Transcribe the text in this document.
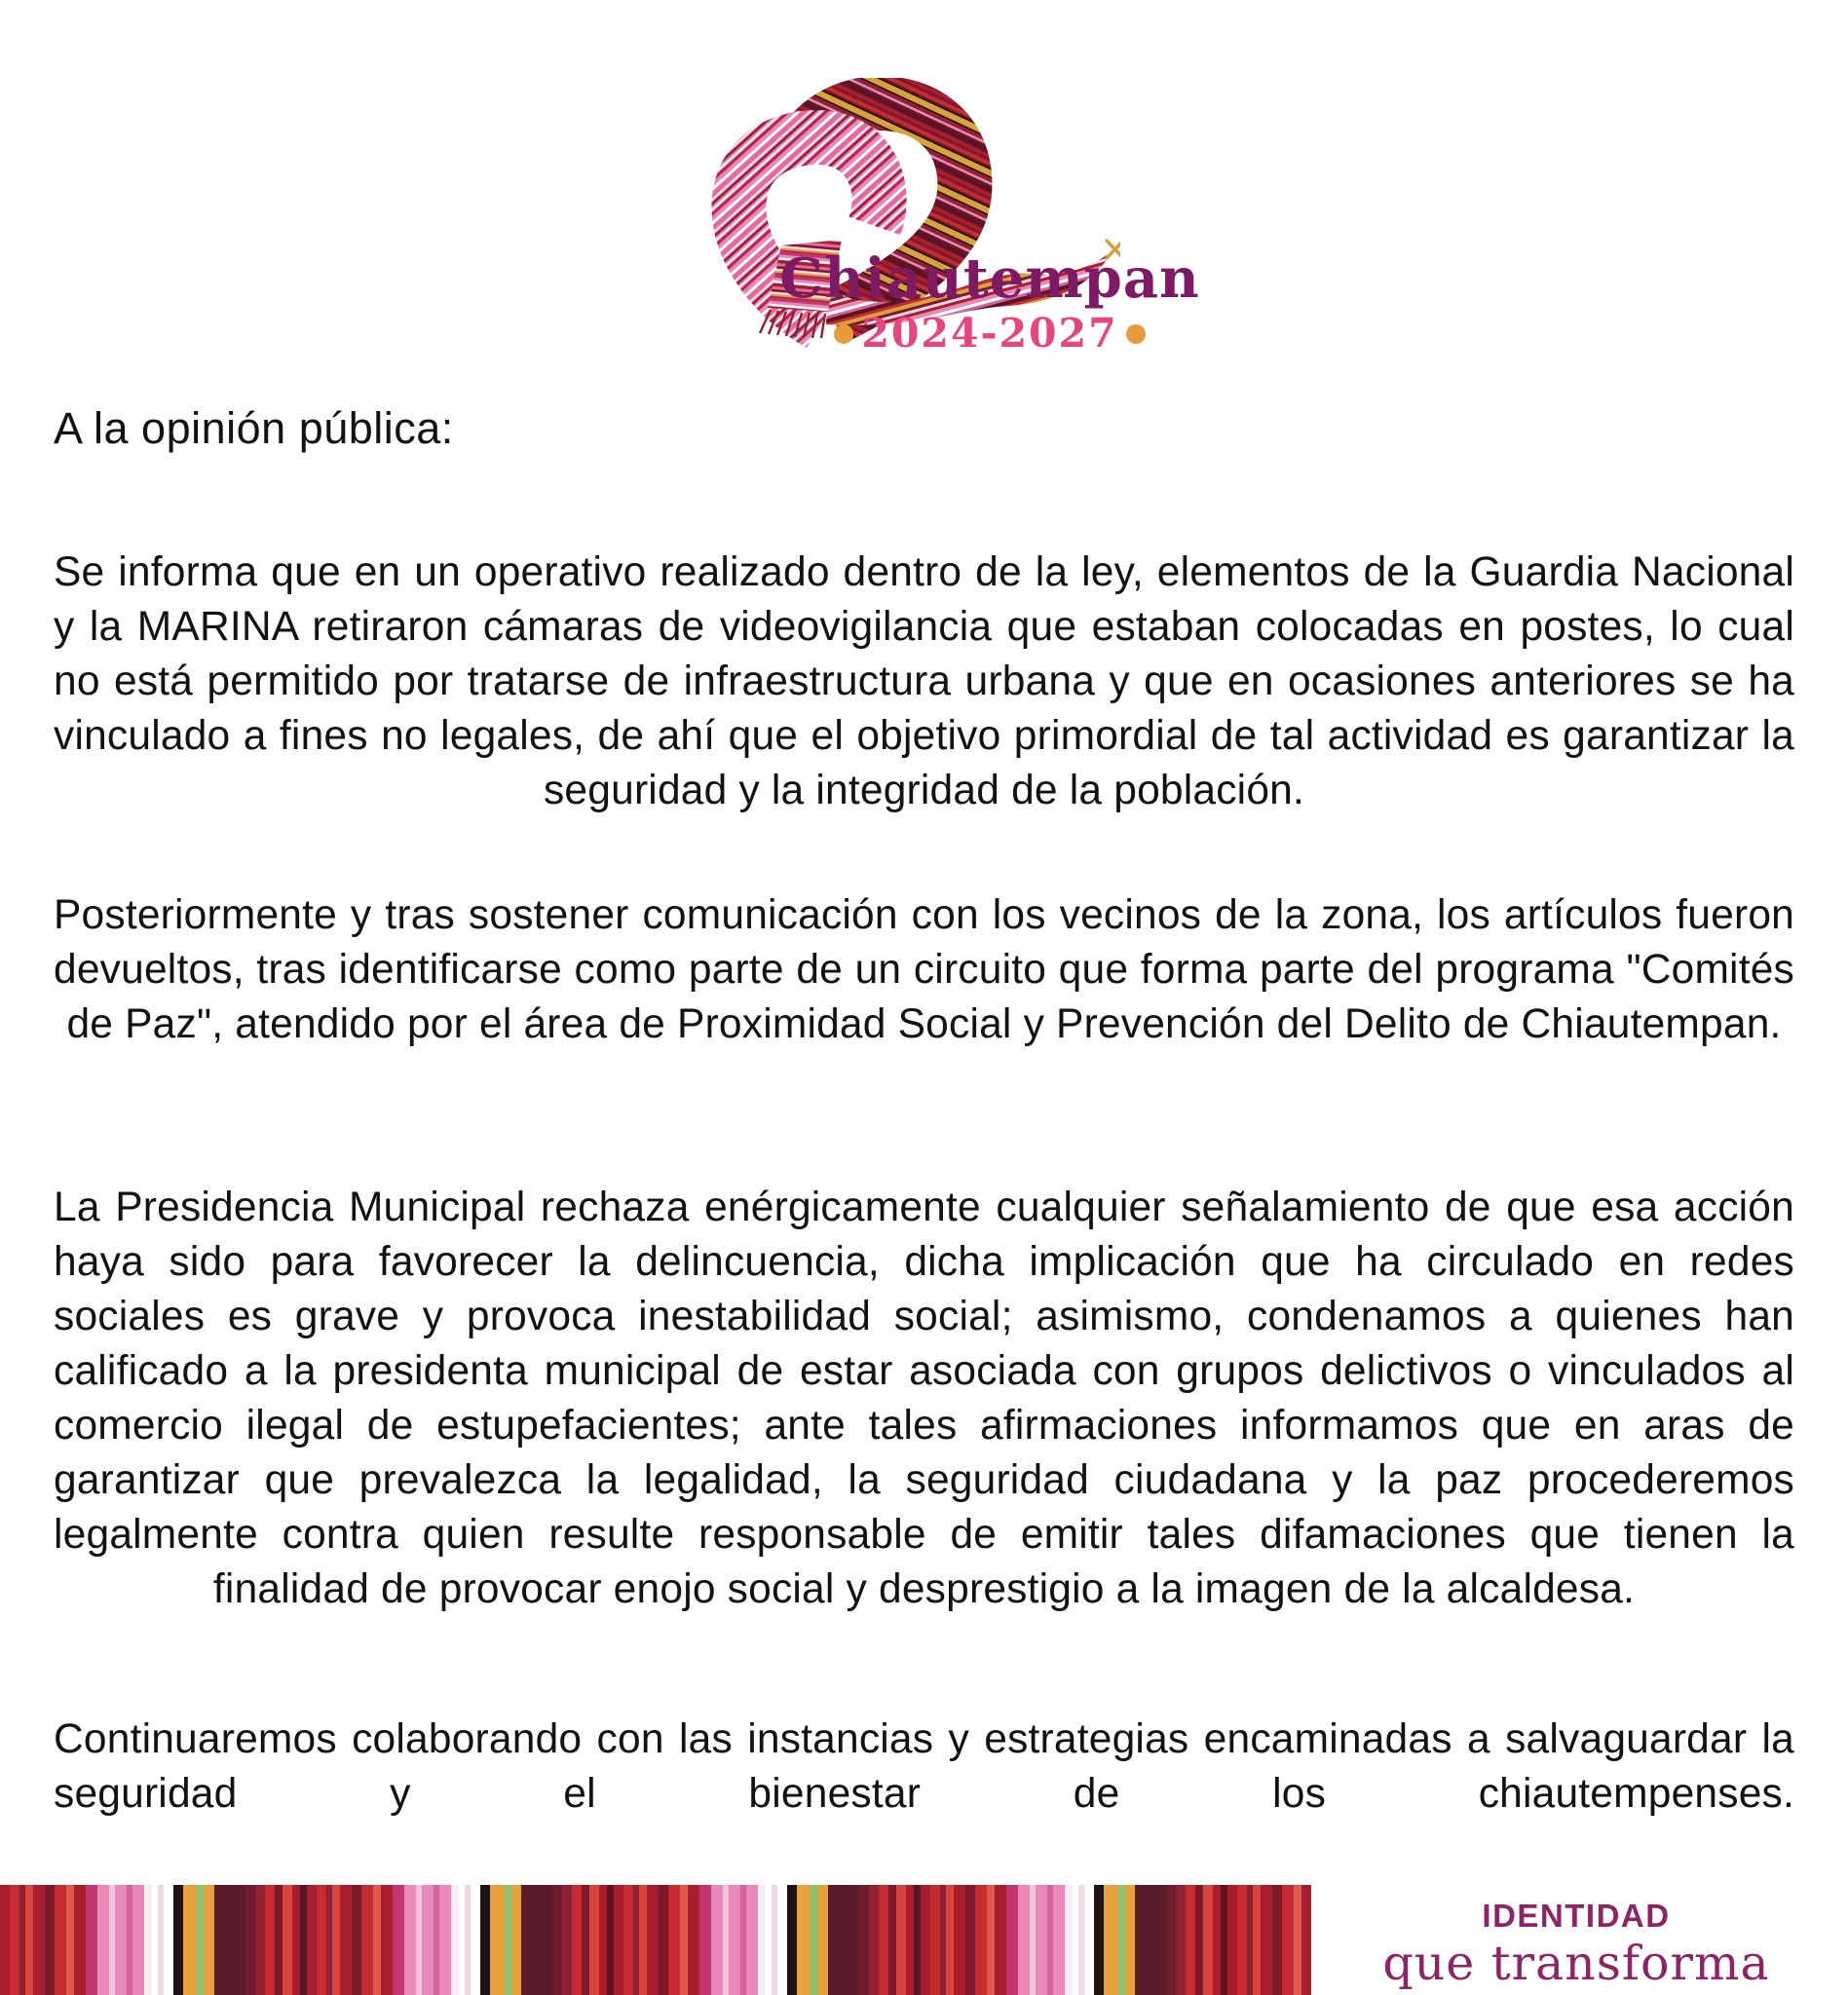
Chiautempan
2024-2027

A la opinión pública:

Se informa que en un operativo realizado dentro de la ley, elementos de la Guardia Nacional y la MARINA retiraron cámaras de videovigilancia que estaban colocadas en postes, lo cual no está permitido por tratarse de infraestructura urbana y que en ocasiones anteriores se ha vinculado a fines no legales, de ahí que el objetivo primordial de tal actividad es garantizar la seguridad y la integridad de la población.

Posteriormente y tras sostener comunicación con los vecinos de la zona, los artículos fueron devueltos, tras identificarse como parte de un circuito que forma parte del programa "Comités de Paz", atendido por el área de Proximidad Social y Prevención del Delito de Chiautempan.

La Presidencia Municipal rechaza enérgicamente cualquier señalamiento de que esa acción haya sido para favorecer la delincuencia, dicha implicación que ha circulado en redes sociales es grave y provoca inestabilidad social; asimismo, condenamos a quienes han calificado a la presidenta municipal de estar asociada con grupos delictivos o vinculados al comercio ilegal de estupefacientes; ante tales afirmaciones informamos que en aras de garantizar que prevalezca la legalidad, la seguridad ciudadana y la paz procederemos legalmente contra quien resulte responsable de emitir tales difamaciones que tienen la finalidad de provocar enojo social y desprestigio a la imagen de la alcaldesa.

Continuaremos colaborando con las instancias y estrategias encaminadas a salvaguardar la seguridad y el bienestar de los chiautempenses.

IDENTIDAD
que transforma
